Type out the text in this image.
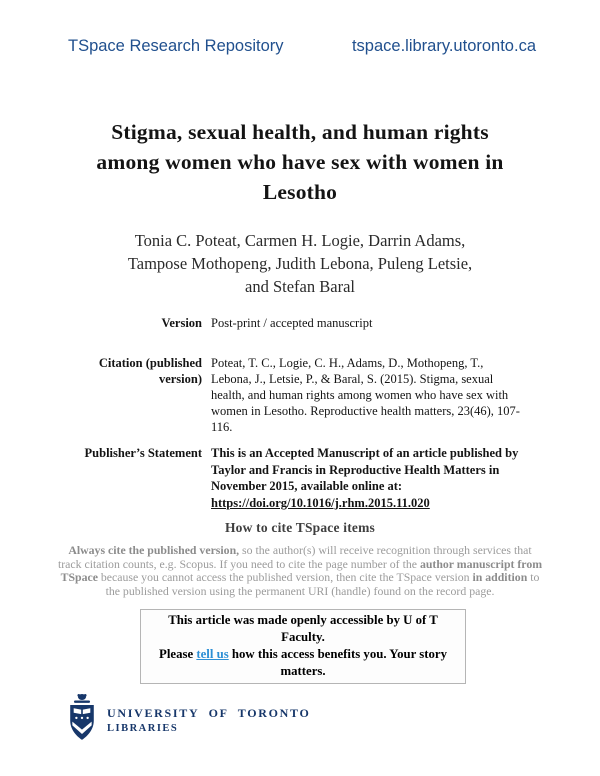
TSpace Research Repository	tspace.library.utoronto.ca
Stigma, sexual health, and human rights among women who have sex with women in Lesotho
Tonia C. Poteat, Carmen H. Logie, Darrin Adams, Tampose Mothopeng, Judith Lebona, Puleng Letsie, and Stefan Baral
Version Post-print / accepted manuscript
Citation (published version)
Poteat, T. C., Logie, C. H., Adams, D., Mothopeng, T., Lebona, J., Letsie, P., & Baral, S. (2015). Stigma, sexual health, and human rights among women who have sex with women in Lesotho. Reproductive health matters, 23(46), 107-116.
Publisher’s Statement This is an Accepted Manuscript of an article published by Taylor and Francis in Reproductive Health Matters in November 2015, available online at: https://doi.org/10.1016/j.rhm.2015.11.020
How to cite TSpace items

Always cite the published version, so the author(s) will receive recognition through services that track citation counts, e.g. Scopus. If you need to cite the page number of the author manuscript from TSpace because you cannot access the published version, then cite the TSpace version in addition to the published version using the permanent URI (handle) found on the record page.

This article was made openly accessible by U of T Faculty.
Please tell us how this access benefits you. Your story matters.
UNIVERSITY OF TORONTO
LIBRARIES
